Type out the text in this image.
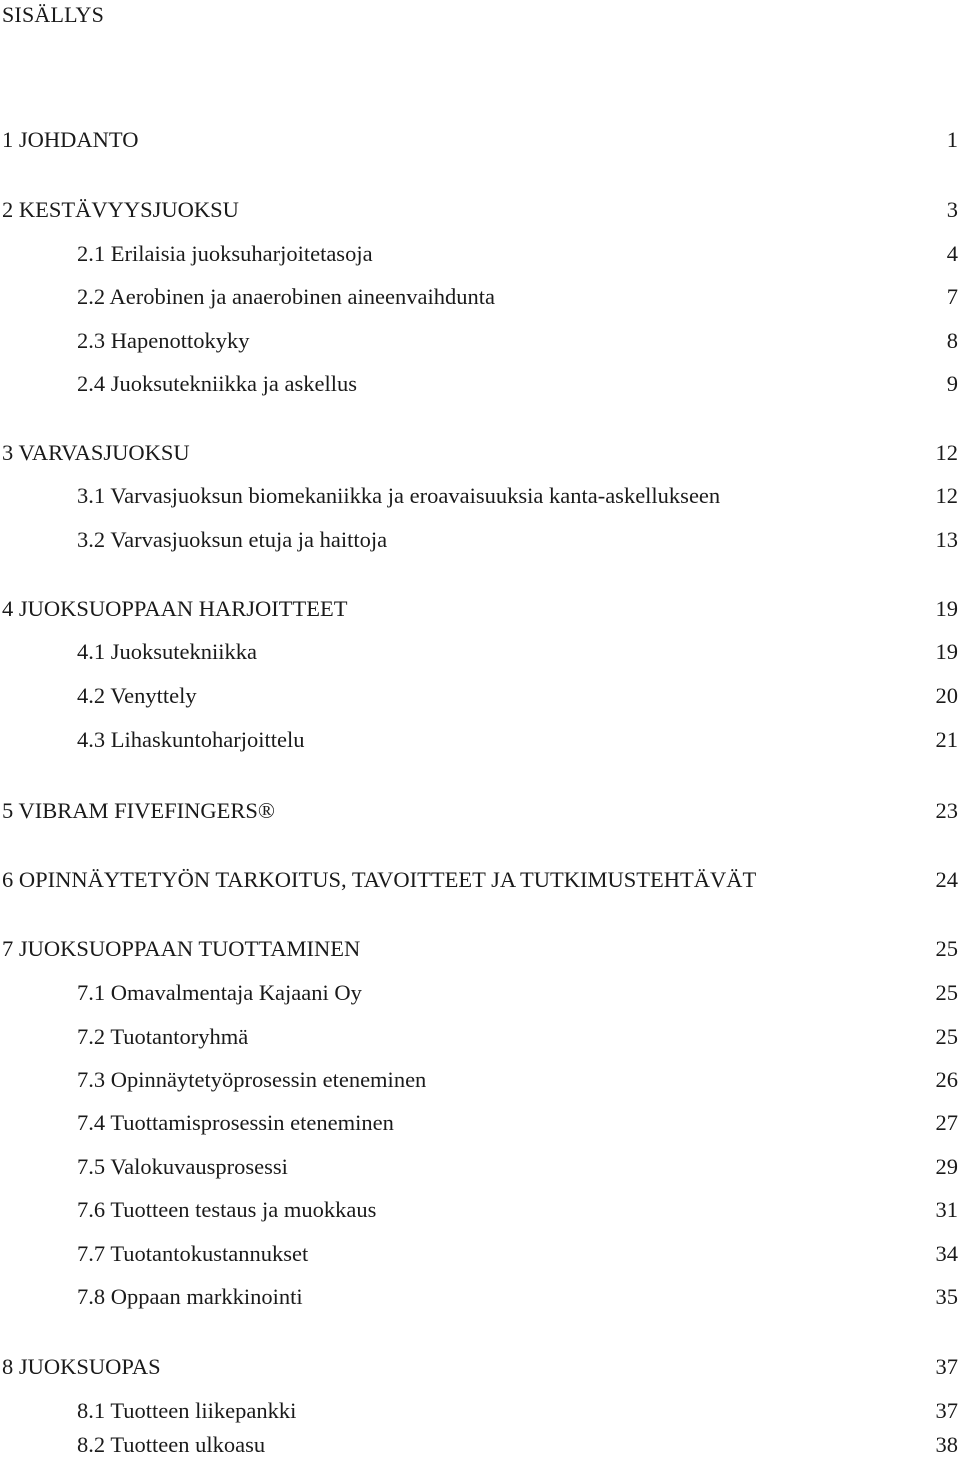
SISÄLLYS
1 JOHDANTO	1
2 KESTÄVYYSJUOKSU	3
2.1 Erilaisia juoksuharjoitetasoja	4
2.2 Aerobinen ja anaerobinen aineenvaihdunta	7
2.3 Hapenottokyky	8
2.4 Juoksutekniikka ja askellus	9
3 VARVASJUOKSU	12
3.1 Varvasjuoksun biomekaniikka ja eroavaisuuksia kanta-askellukseen	12
3.2 Varvasjuoksun etuja ja haittoja	13
4 JUOKSUOPPAAN HARJOITTEET	19
4.1 Juoksutekniikka	19
4.2 Venyttely	20
4.3 Lihaskuntoharjoittelu	21
5 VIBRAM FIVEFINGERS®	23
6 OPINNÄYTETYÖN TARKOITUS, TAVOITTEET JA TUTKIMUSTEHTÄVÄT	24
7 JUOKSUOPPAAN TUOTTAMINEN	25
7.1 Omavalmentaja Kajaani Oy	25
7.2 Tuotantoryhmä	25
7.3 Opinnäytetyöprosessin eteneminen	26
7.4 Tuottamisprosessin eteneminen	27
7.5 Valokuvausprosessi	29
7.6 Tuotteen testaus ja muokkaus	31
7.7 Tuotantokustannukset	34
7.8 Oppaan markkinointi	35
8 JUOKSUOPAS	37
8.1 Tuotteen liikepankki	37
8.2 Tuotteen ulkoasu	38
